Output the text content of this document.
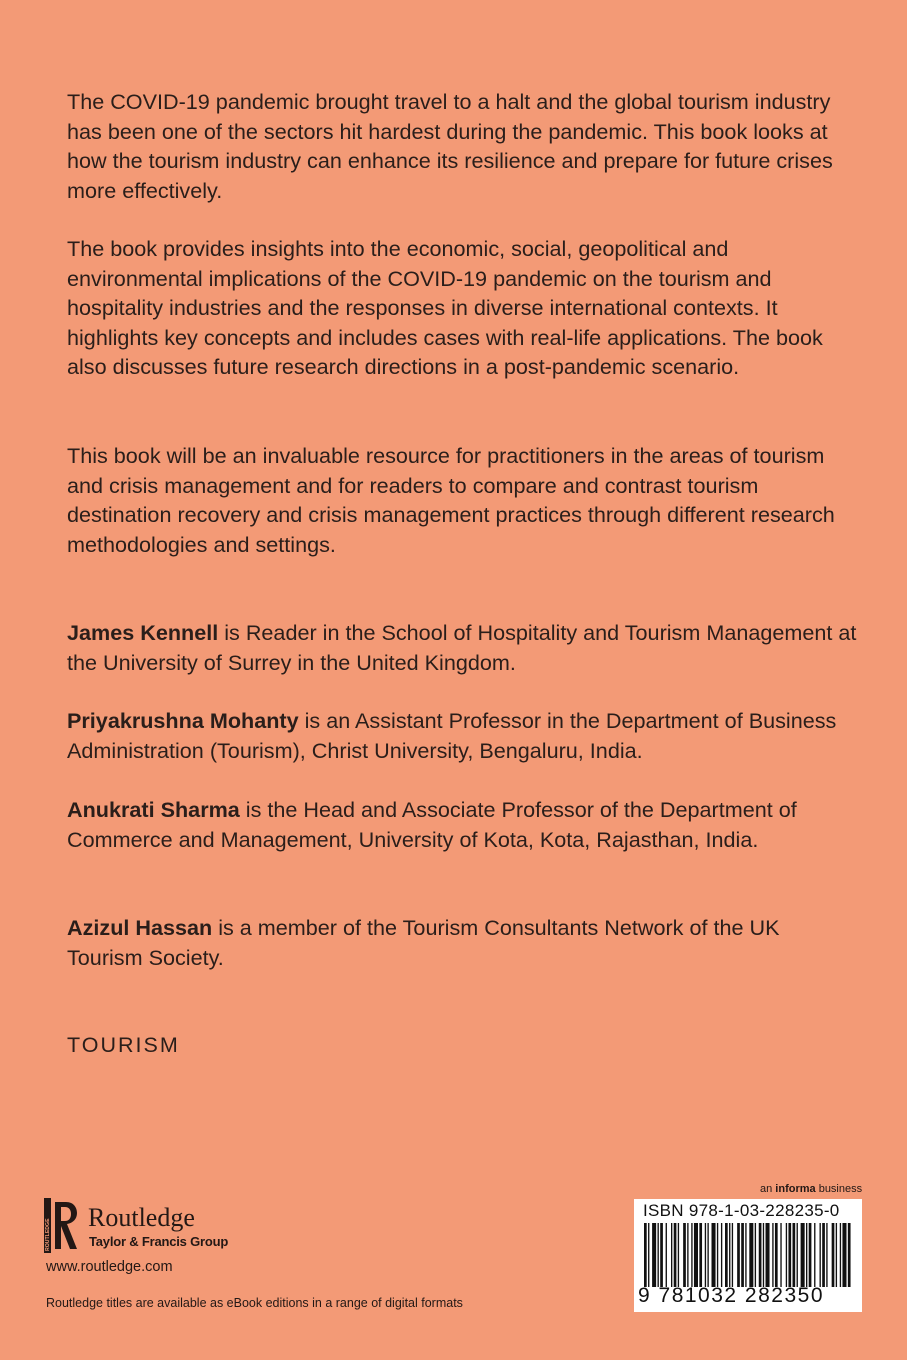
The COVID-19 pandemic brought travel to a halt and the global tourism industry has been one of the sectors hit hardest during the pandemic. This book looks at how the tourism industry can enhance its resilience and prepare for future crises more effectively.

The book provides insights into the economic, social, geopolitical and environmental implications of the COVID-19 pandemic on the tourism and hospitality industries and the responses in diverse international contexts. It highlights key concepts and includes cases with real-life applications. The book also discusses future research directions in a post-pandemic scenario.

This book will be an invaluable resource for practitioners in the areas of tourism and crisis management and for readers to compare and contrast tourism destination recovery and crisis management practices through different research methodologies and settings.

James Kennell is Reader in the School of Hospitality and Tourism Management at the University of Surrey in the United Kingdom.

Priyakrushna Mohanty is an Assistant Professor in the Department of Business Administration (Tourism), Christ University, Bengaluru, India.

Anukrati Sharma is the Head and Associate Professor of the Department of Commerce and Management, University of Kota, Kota, Rajasthan, India.

Azizul Hassan is a member of the Tourism Consultants Network of the UK Tourism Society.

TOURISM
ROUTLEDGE
Routledge
Taylor & Francis Group
www.routledge.com
Routledge titles are available as eBook editions in a range of digital formats
an informa business
ISBN 978-1-03-228235-0
9 781032 282350
